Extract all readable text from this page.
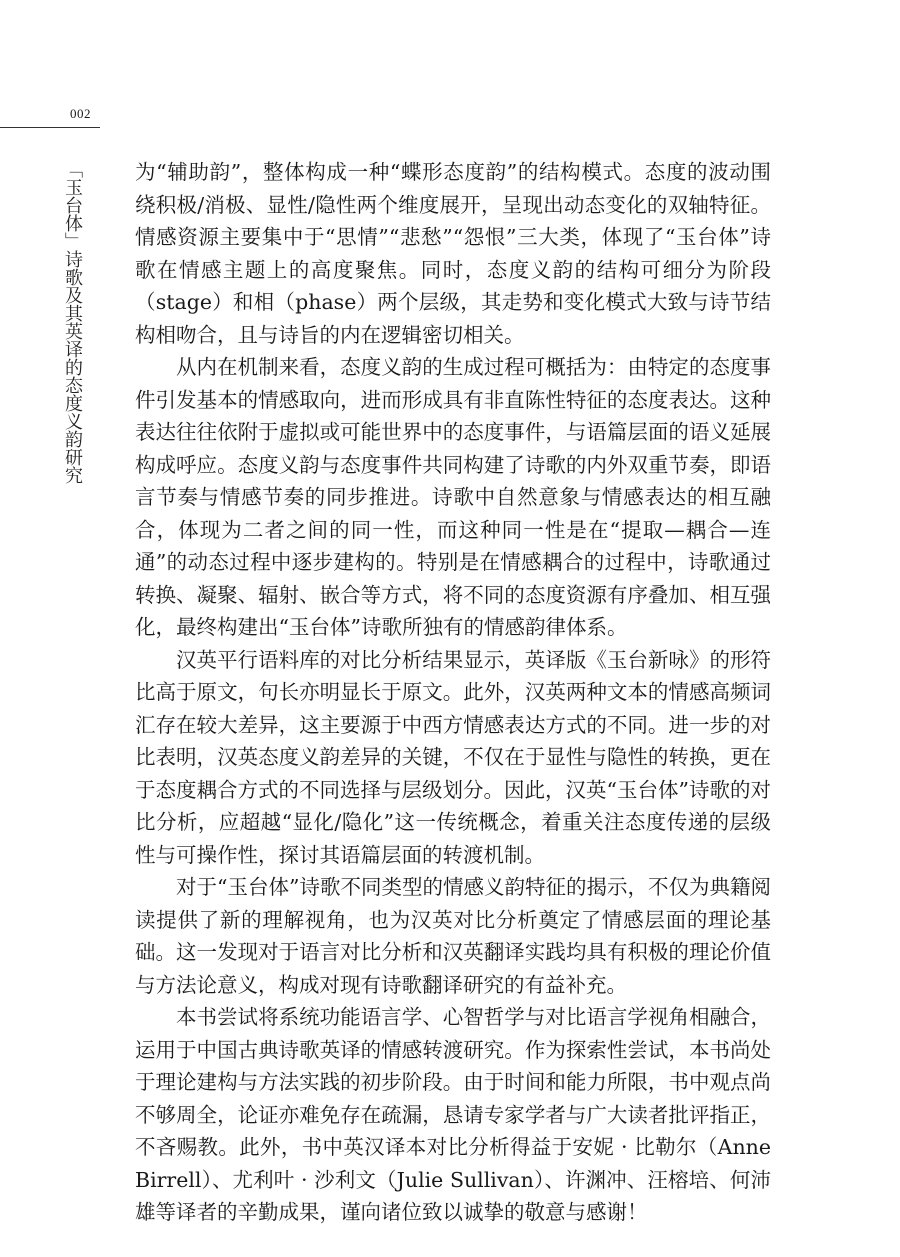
002
「玉台体」诗歌及其英译的态度义韵研究	为“辅助韵”，整体构成一种“蝶形态度韵”的结构模式。态度的波动围绕积极/消极、显性/隐性两个维度展开，呈现出动态变化的双轴特征。情感资源主要集中于“思情”“悲愁”“怨恨”三大类，体现了“玉台体”诗歌在情感主题上的高度聚焦。同时，态度义韵的结构可细分为阶段（stage）和相（phase）两个层级，其走势和变化模式大致与诗节结构相吻合，且与诗旨的内在逻辑密切相关。

从内在机制来看，态度义韵的生成过程可概括为：由特定的态度事件引发基本的情感取向，进而形成具有非直陈性特征的态度表达。这种表达往往依附于虚拟或可能世界中的态度事件，与语篇层面的语义延展构成呼应。态度义韵与态度事件共同构建了诗歌的内外双重节奏，即语言节奏与情感节奏的同步推进。诗歌中自然意象与情感表达的相互融合，体现为二者之间的同一性，而这种同一性是在“提取—耦合—连通”的动态过程中逐步建构的。特别是在情感耦合的过程中，诗歌通过转换、凝聚、辐射、嵌合等方式，将不同的态度资源有序叠加、相互强化，最终构建出“玉台体”诗歌所独有的情感韵律体系。

汉英平行语料库的对比分析结果显示，英译版《玉台新咏》的形符比高于原文，句长亦明显长于原文。此外，汉英两种文本的情感高频词汇存在较大差异，这主要源于中西方情感表达方式的不同。进一步的对比表明，汉英态度义韵差异的关键，不仅在于显性与隐性的转换，更在于态度耦合方式的不同选择与层级划分。因此，汉英“玉台体”诗歌的对比分析，应超越“显化/隐化”这一传统概念，着重关注态度传递的层级性与可操作性，探讨其语篇层面的转渡机制。

对于“玉台体”诗歌不同类型的情感义韵特征的揭示，不仅为典籍阅读提供了新的理解视角，也为汉英对比分析奠定了情感层面的理论基础。这一发现对于语言对比分析和汉英翻译实践均具有积极的理论价值与方法论意义，构成对现有诗歌翻译研究的有益补充。

本书尝试将系统功能语言学、心智哲学与对比语言学视角相融合，运用于中国古典诗歌英译的情感转渡研究。作为探索性尝试，本书尚处于理论建构与方法实践的初步阶段。由于时间和能力所限，书中观点尚不够周全，论证亦难免存在疏漏，恳请专家学者与广大读者批评指正，不吝赐教。此外，书中英汉译本对比分析得益于安妮 · 比勒尔（Anne Birrell）、尤利叶 · 沙利文（Julie Sullivan）、许渊冲、汪榕培、何沛雄等译者的辛勤成果，谨向诸位致以诚挚的敬意与感谢！
